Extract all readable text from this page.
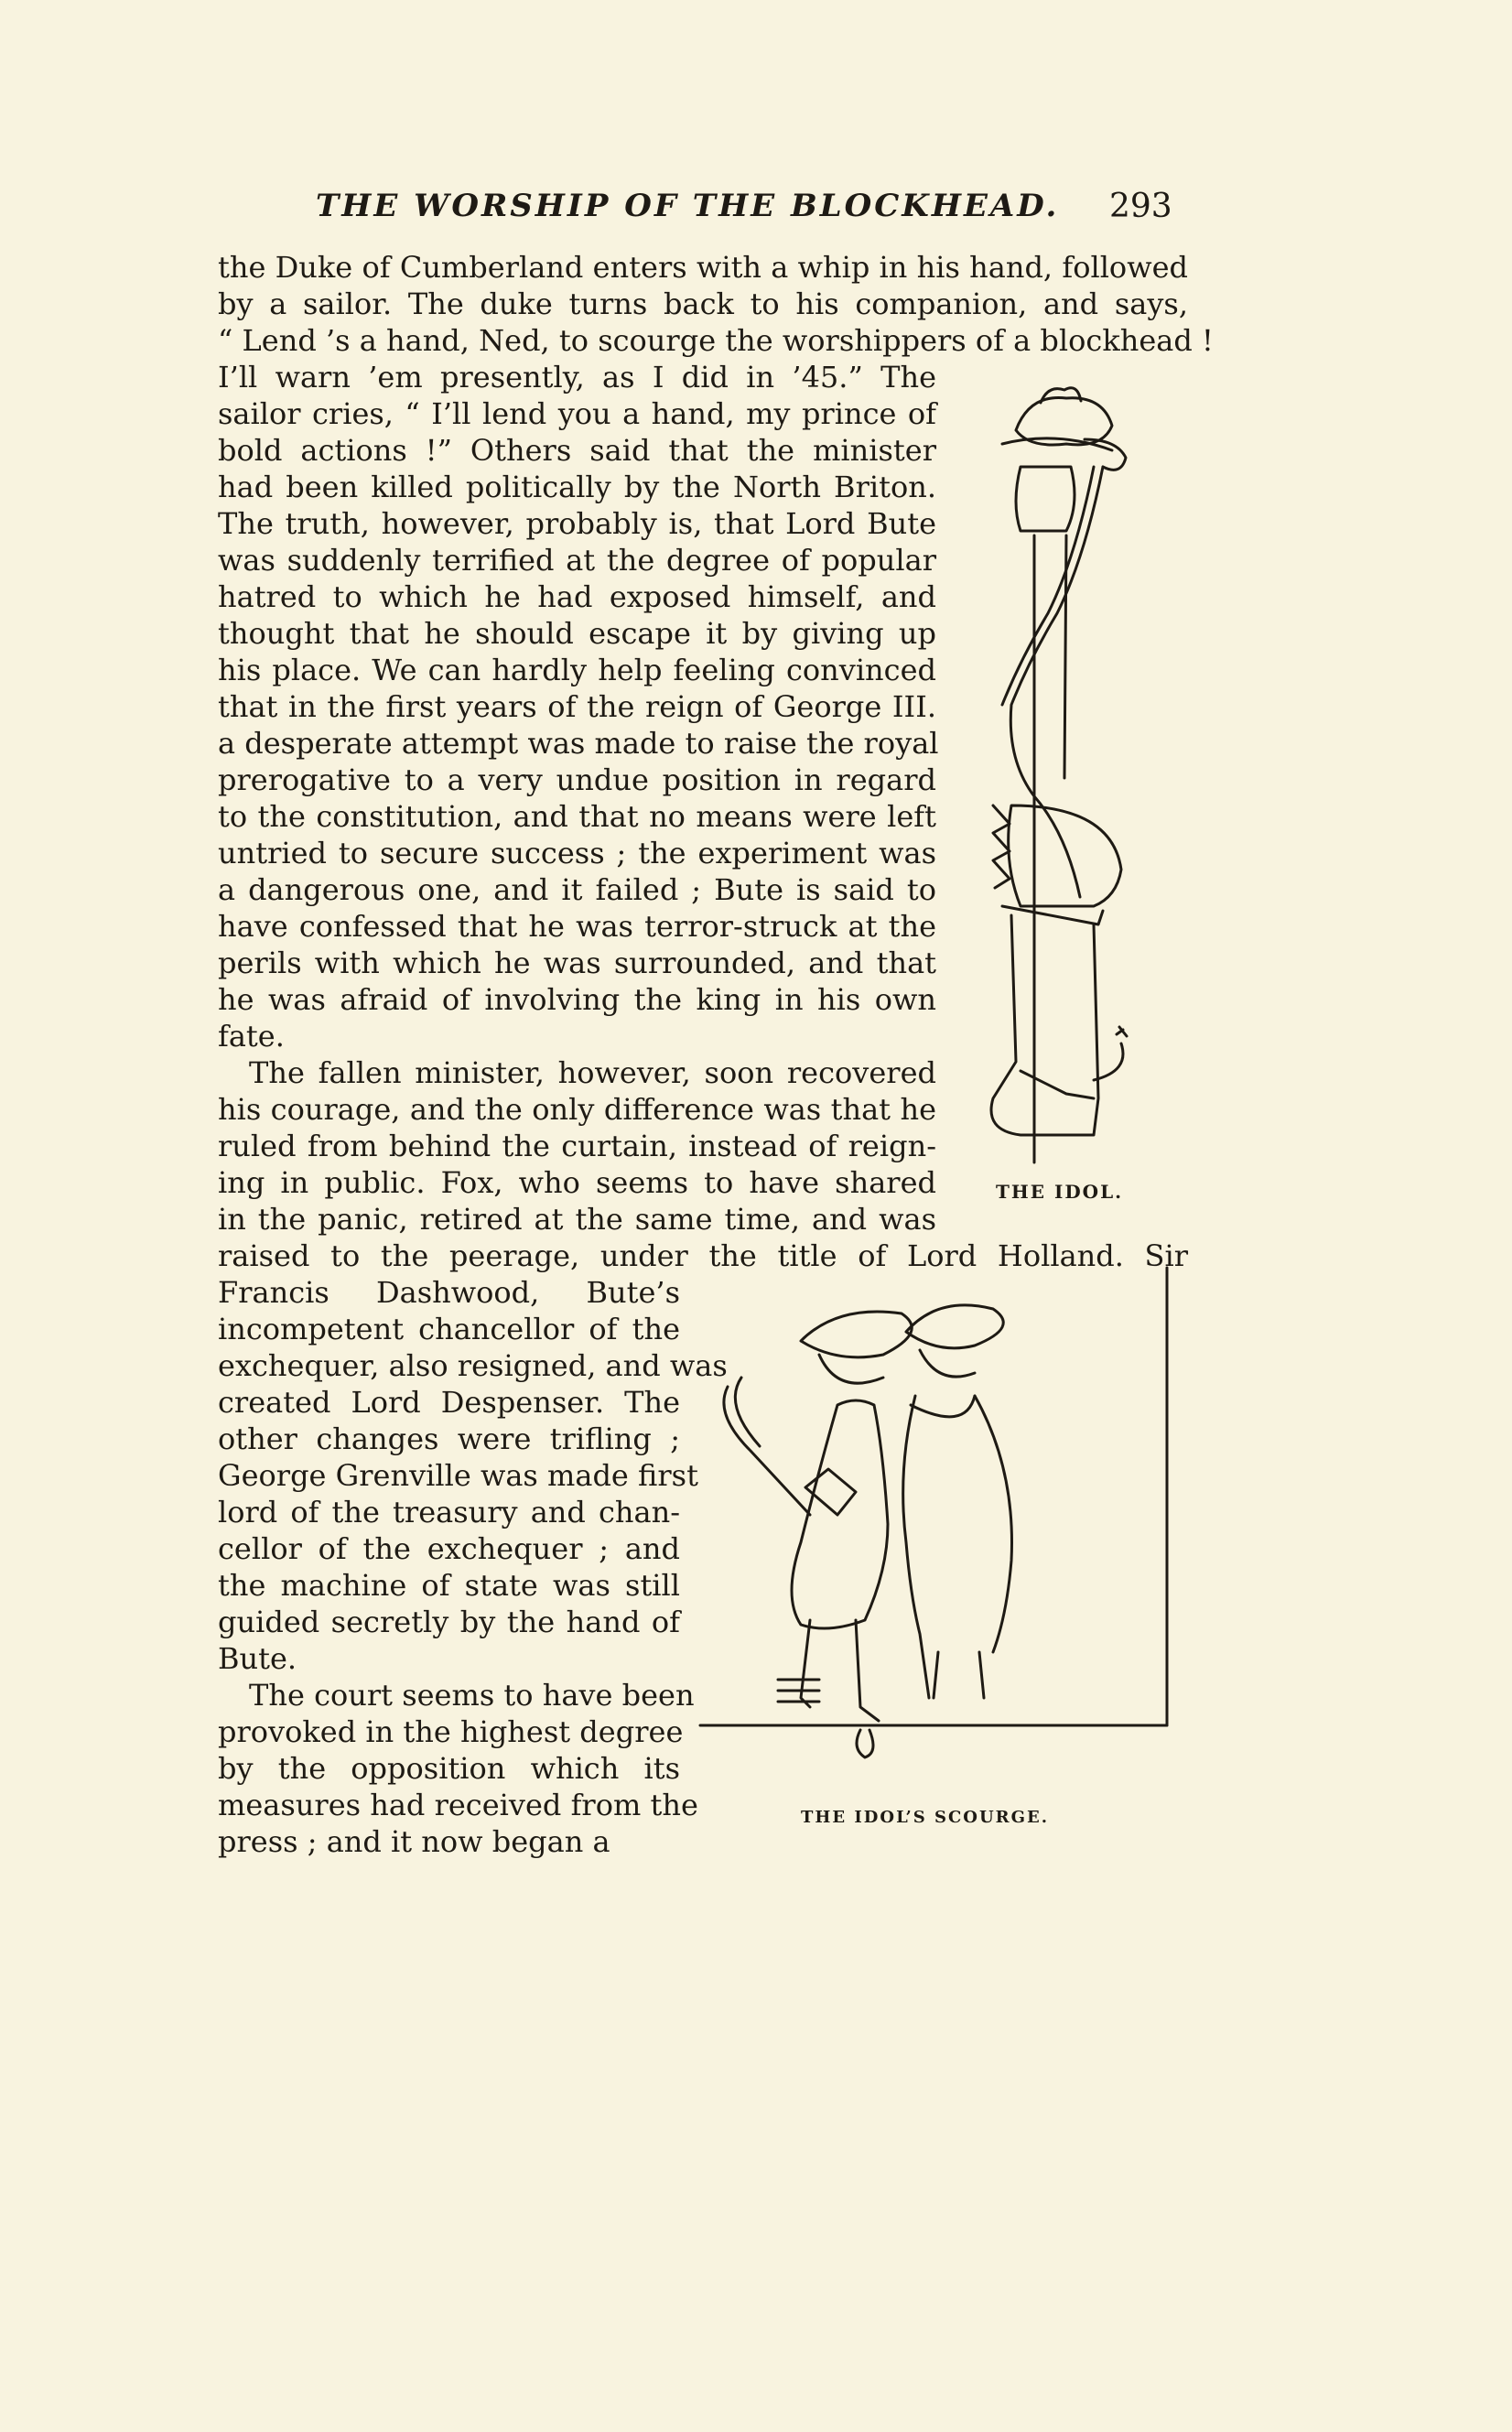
THE WORSHIP OF THE BLOCKHEAD. 293
the Duke of Cumberland enters with a whip in his hand, followed
by a sailor. The duke turns back to his companion, and says,
“ Lend ’s a hand, Ned, to scourge the worshippers of a blockhead !
I’ll warn ’em presently, as I did in ’45.” The
sailor cries, “ I’ll lend you a hand, my prince of
bold actions !” Others said that the minister
had been killed politically by the North Briton.
The truth, however, probably is, that Lord Bute
was suddenly terrified at the degree of popular
hatred to which he had exposed himself, and
thought that he should escape it by giving up
his place. We can hardly help feeling convinced
that in the first years of the reign of George III.
a desperate attempt was made to raise the royal
prerogative to a very undue position in regard
to the constitution, and that no means were left
untried to secure success ; the experiment was
a dangerous one, and it failed ; Bute is said to
have confessed that he was terror-struck at the
perils with which he was surrounded, and that
he was afraid of involving the king in his own
fate.
The fallen minister, however, soon recovered
his courage, and the only difference was that he
ruled from behind the curtain, instead of reign-
ing in public. Fox, who seems to have shared
in the panic, retired at the same time, and was
raised to the peerage, under the title of Lord Holland. Sir
Francis Dashwood, Bute’s
incompetent chancellor of the
exchequer, also resigned, and was
created Lord Despenser. The
other changes were trifling ;
George Grenville was made first
lord of the treasury and chan-
cellor of the exchequer ; and
the machine of state was still
guided secretly by the hand of
Bute.
The court seems to have been
provoked in the highest degree
by the opposition which its
measures had received from the
press ; and it now began a
THE IDOL.
THE IDOL’S SCOURGE.
